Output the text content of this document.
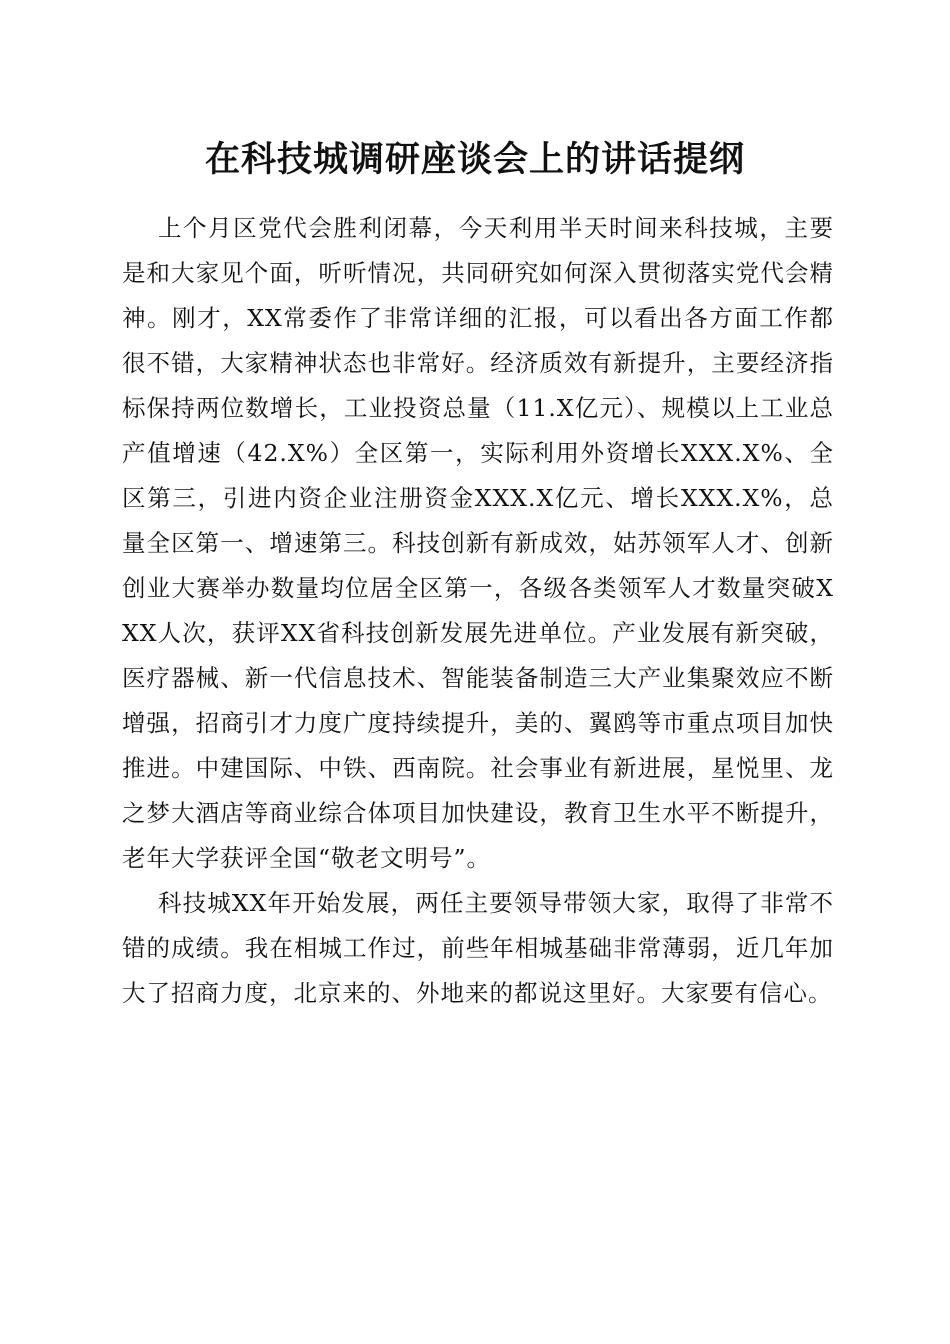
在科技城调研座谈会上的讲话提纲

上个月区党代会胜利闭幕，今天利用半天时间来科技城，主要是和大家见个面，听听情况，共同研究如何深入贯彻落实党代会精神。刚才，XX常委作了非常详细的汇报，可以看出各方面工作都很不错，大家精神状态也非常好。经济质效有新提升，主要经济指标保持两位数增长，工业投资总量（11.X亿元）、规模以上工业总产值增速（42.X%）全区第一，实际利用外资增长XXX.X%、全区第三，引进内资企业注册资金XXX.X亿元、增长XXX.X%，总量全区第一、增速第三。科技创新有新成效，姑苏领军人才、创新创业大赛举办数量均位居全区第一，各级各类领军人才数量突破XXX人次，获评XX省科技创新发展先进单位。产业发展有新突破，医疗器械、新一代信息技术、智能装备制造三大产业集聚效应不断增强，招商引才力度广度持续提升，美的、翼鸥等市重点项目加快推进。中建国际、中铁、西南院。社会事业有新进展，星悦里、龙之梦大酒店等商业综合体项目加快建设，教育卫生水平不断提升，老年大学获评全国“敬老文明号”。

科技城XX年开始发展，两任主要领导带领大家，取得了非常不错的成绩。我在相城工作过，前些年相城基础非常薄弱，近几年加大了招商力度，北京来的、外地来的都说这里好。大家要有信心。
